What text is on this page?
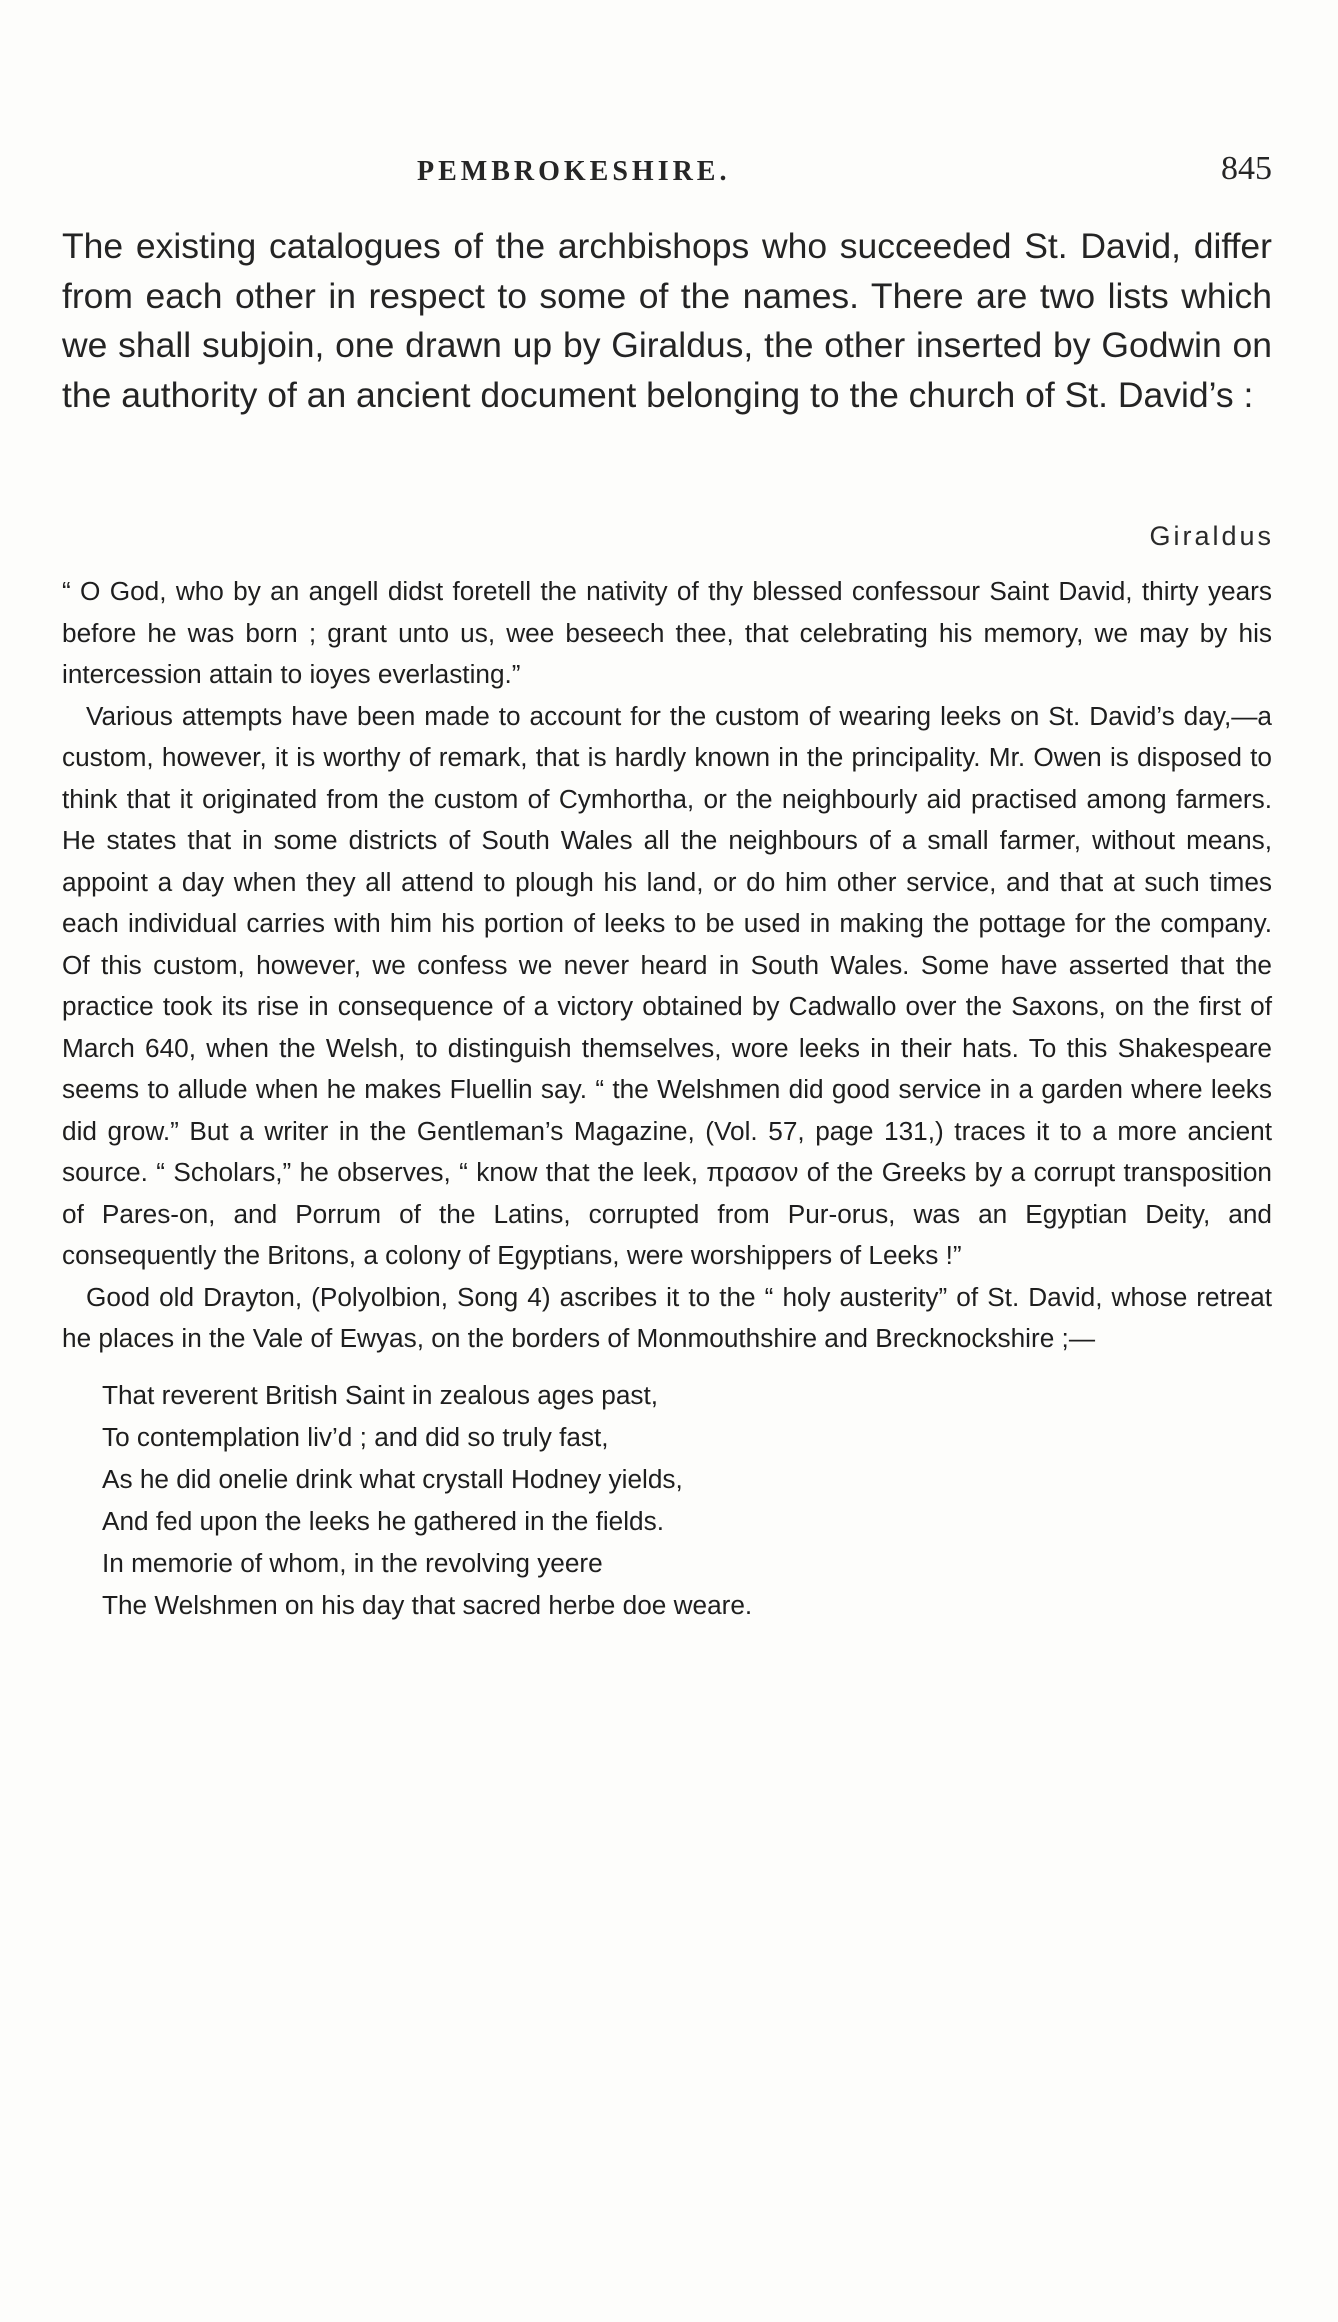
PEMBROKESHIRE.	845

The existing catalogues of the archbishops who succeeded St. David, differ from each other in respect to some of the names. There are two lists which we shall subjoin, one drawn up by Giraldus, the other inserted by Godwin on the authority of an ancient document belonging to the church of St. David’s :

Giraldus

“ O God, who by an angell didst foretell the nativity of thy blessed confessour Saint David, thirty years before he was born ; grant unto us, wee beseech thee, that celebrating his memory, we may by his intercession attain to ioyes everlasting.”

Various attempts have been made to account for the custom of wearing leeks on St. David’s day,—a custom, however, it is worthy of remark, that is hardly known in the principality. Mr. Owen is disposed to think that it originated from the custom of Cymhortha, or the neighbourly aid practised among farmers. He states that in some districts of South Wales all the neighbours of a small farmer, without means, appoint a day when they all attend to plough his land, or do him other service, and that at such times each individual carries with him his portion of leeks to be used in making the pottage for the company. Of this custom, however, we confess we never heard in South Wales. Some have asserted that the practice took its rise in consequence of a victory obtained by Cadwallo over the Saxons, on the first of March 640, when the Welsh, to distinguish themselves, wore leeks in their hats. To this Shakespeare seems to allude when he makes Fluellin say. “ the Welshmen did good service in a garden where leeks did grow.” But a writer in the Gentleman’s Magazine, (Vol. 57, page 131,) traces it to a more ancient source. “ Scholars,” he observes, “ know that the leek, πρασον of the Greeks by a corrupt transposition of Pares-on, and Porrum of the Latins, corrupted from Pur-orus, was an Egyptian Deity, and consequently the Britons, a colony of Egyptians, were worshippers of Leeks !”

Good old Drayton, (Polyolbion, Song 4) ascribes it to the “ holy austerity” of St. David, whose retreat he places in the Vale of Ewyas, on the borders of Monmouthshire and Brecknockshire ;—

That reverent British Saint in zealous ages past,
To contemplation liv’d ; and did so truly fast,
As he did onelie drink what crystall Hodney yields,
And fed upon the leeks he gathered in the fields.
In memorie of whom, in the revolving yeere
The Welshmen on his day that sacred herbe doe weare.
